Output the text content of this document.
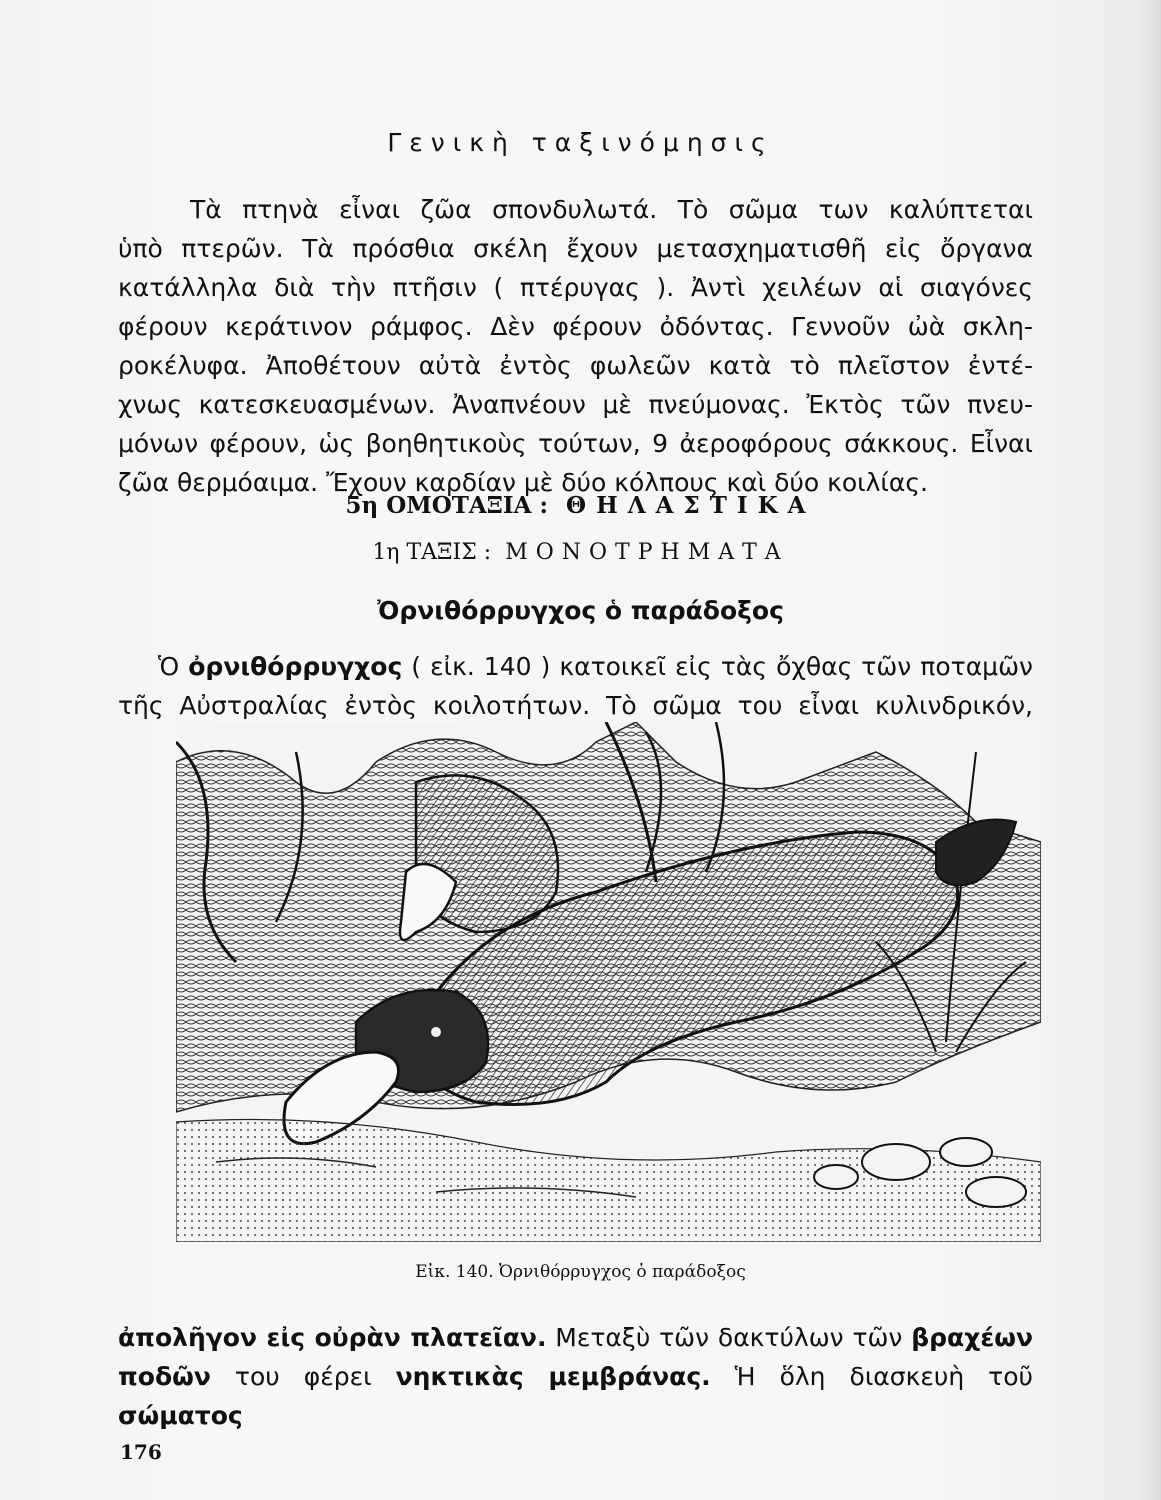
Γενικὴ ταξινόμησις

Τὰ πτηνὰ εἶναι ζῶα σπονδυλωτά. Τὸ σῶμα των καλύπτεται
ὑπὸ πτερῶν. Τὰ πρόσθια σκέλη ἔχουν μετασχηματισθῆ εἰς ὄργανα
κατάλληλα διὰ τὴν πτῆσιν ( πτέρυγας ). Ἀντὶ χειλέων αἱ σιαγόνες
φέρουν κεράτινον ράμφος. Δὲν φέρουν ὀδόντας. Γεννοῦν ὠὰ σκλη-
ροκέλυφα. Ἀποθέτουν αὐτὰ ἐντὸς φωλεῶν κατὰ τὸ πλεῖστον ἐντέ-
χνως κατεσκευασμένων. Ἀναπνέουν μὲ πνεύμονας. Ἐκτὸς τῶν πνευ-
μόνων φέρουν, ὡς βοηθητικοὺς τούτων, 9 ἀεροφόρους σάκκους. Εἶναι
ζῶα θερμόαιμα. Ἔχουν καρδίαν μὲ δύο κόλπους καὶ δύο κοιλίας.

5η ΟΜΟΤΑΞΙΑ : ΘΗΛΑΣΤΙΚΑ
1η ΤΑΞΙΣ : ΜΟΝΟΤΡΗΜΑΤΑ
Ὀρνιθόρρυγχος ὁ παράδοξος

Ὁ ὀρνιθόρρυγχος ( εἰκ. 140 ) κατοικεῖ εἰς τὰς ὄχθας τῶν ποταμῶν
τῆς Αὐστραλίας ἐντὸς κοιλοτήτων. Τὸ σῶμα του εἶναι κυλινδρικόν,

Εἰκ. 140. Ὀρνιθόρρυγχος ὁ παράδοξος

ἀπολῆγον εἰς οὐρὰν πλατεῖαν. Μεταξὺ τῶν δακτύλων τῶν βραχέων
ποδῶν του φέρει νηκτικὰς μεμβράνας. Ἡ ὅλη διασκευὴ τοῦ σώματος

176
